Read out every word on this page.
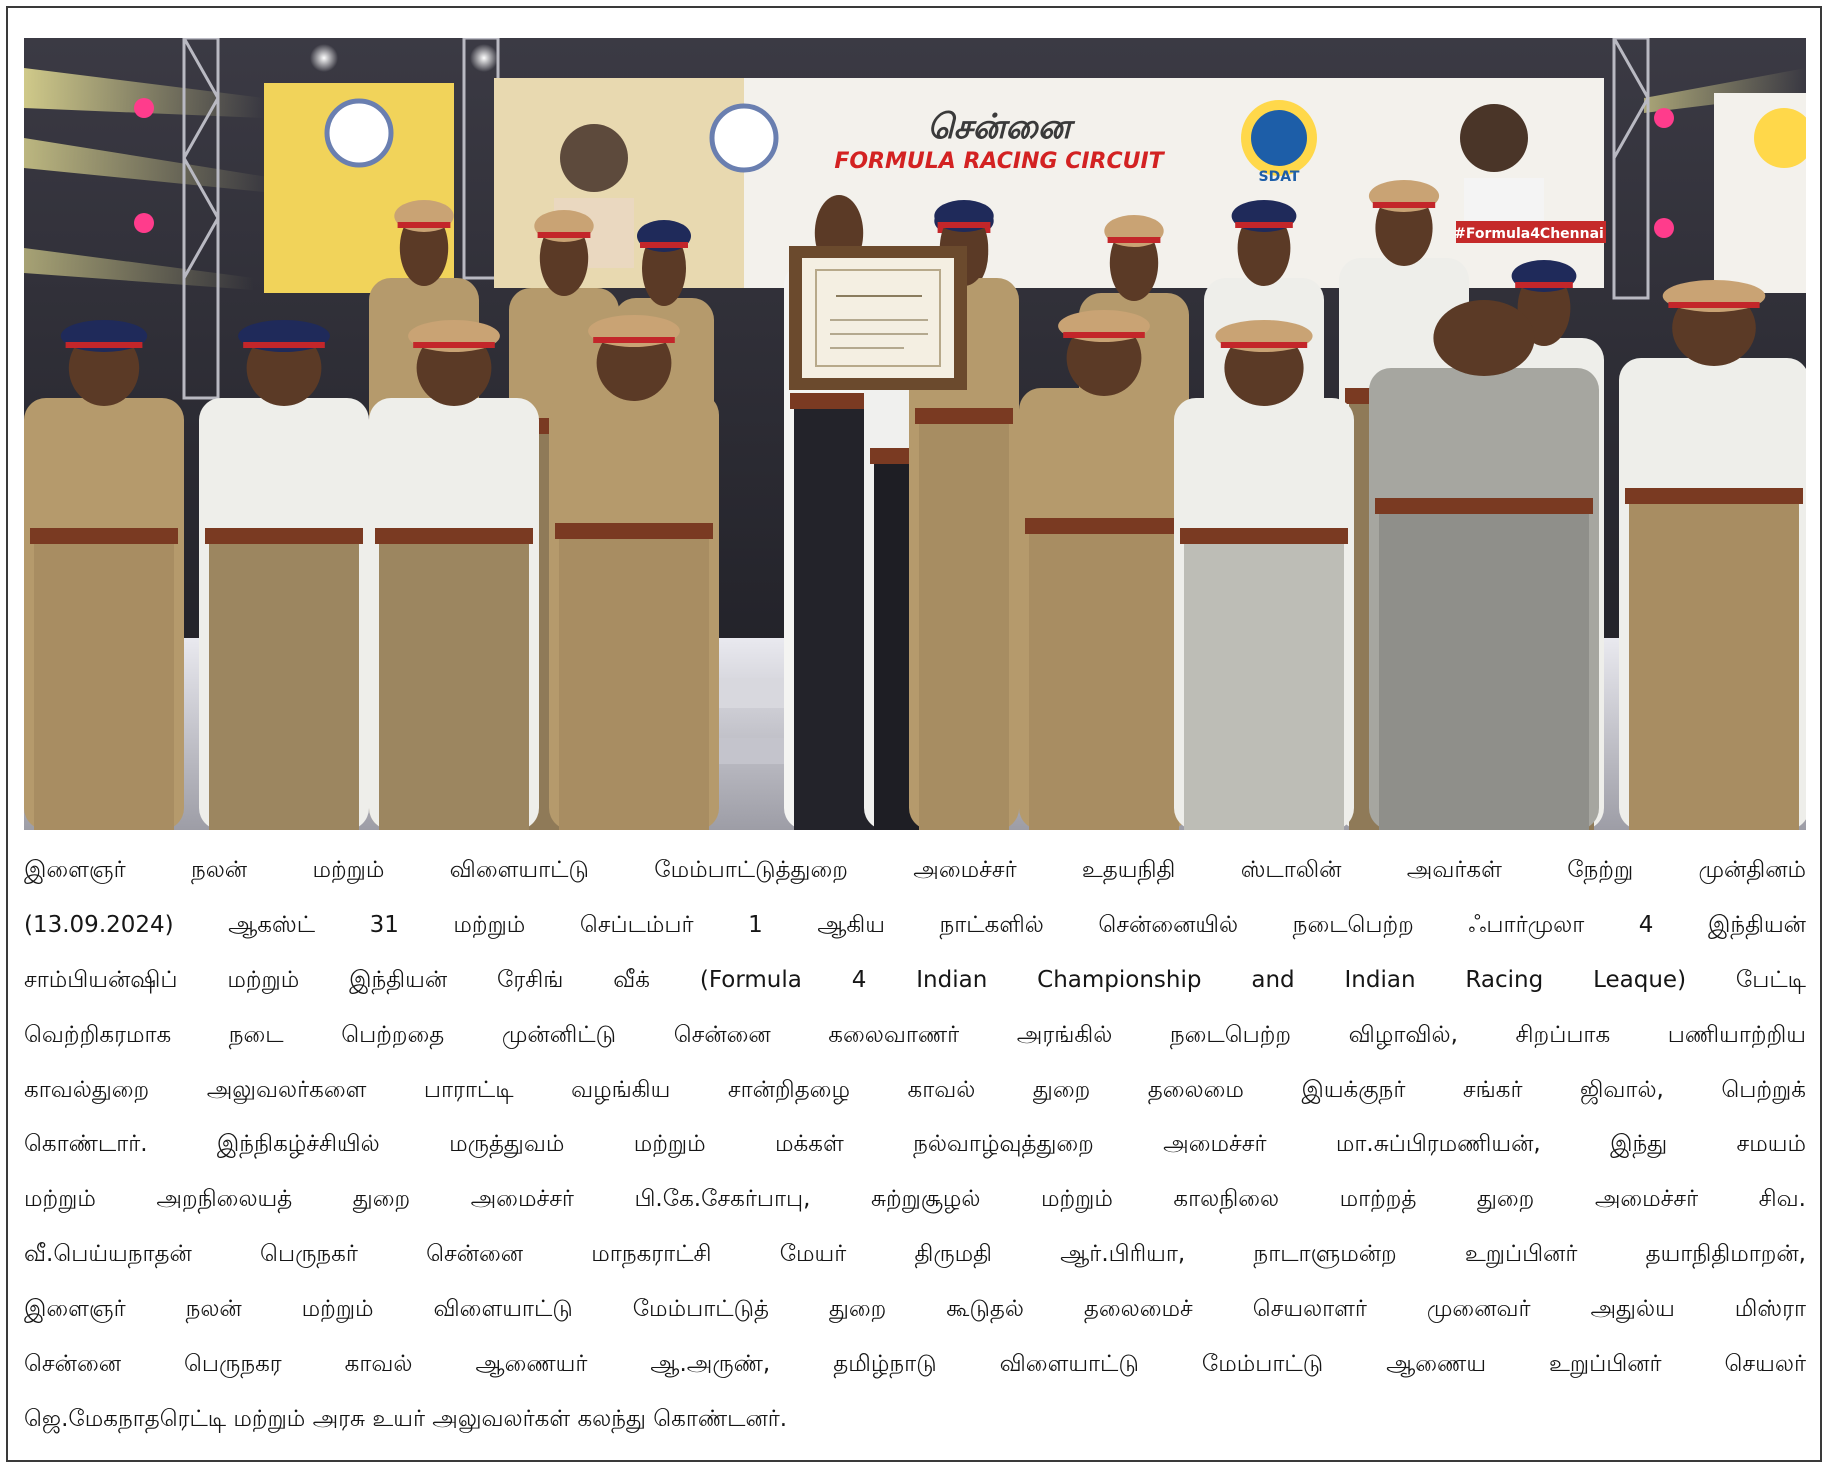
சென்னை
FORMULA RACING CIRCUIT
#Formula4Chennai
SDAT
இளைஞர் நலன் மற்றும் விளையாட்டு மேம்பாட்டுத்துறை அமைச்சர் உதயநிதி ஸ்டாலின் அவர்கள் நேற்று முன்தினம்
(13.09.2024) ஆகஸ்ட் 31 மற்றும் செப்டம்பர் 1 ஆகிய நாட்களில் சென்னையில் நடைபெற்ற ஃபார்முலா 4 இந்தியன்
சாம்பியன்ஷிப் மற்றும் இந்தியன் ரேசிங் வீக் (Formula 4 Indian Championship and Indian Racing Leaque) பேட்டி
வெற்றிகரமாக நடை பெற்றதை முன்னிட்டு சென்னை கலைவாணர் அரங்கில் நடைபெற்ற விழாவில், சிறப்பாக பணியாற்றிய
காவல்துறை அலுவலர்களை பாராட்டி வழங்கிய சான்றிதழை காவல் துறை தலைமை இயக்குநர் சங்கர் ஜிவால், பெற்றுக்
கொண்டார். இந்நிகழ்ச்சியில் மருத்துவம் மற்றும் மக்கள் நல்வாழ்வுத்துறை அமைச்சர் மா.சுப்பிரமணியன், இந்து சமயம்
மற்றும் அறநிலையத் துறை அமைச்சர் பி.கே.சேகர்பாபு, சுற்றுசூழல் மற்றும் காலநிலை மாற்றத் துறை அமைச்சர் சிவ.
வீ.பெய்யநாதன் பெருநகர் சென்னை மாநகராட்சி மேயர் திருமதி ஆர்.பிரியா, நாடாளுமன்ற உறுப்பினர் தயாநிதிமாறன்,
இளைஞர் நலன் மற்றும் விளையாட்டு மேம்பாட்டுத் துறை கூடுதல் தலைமைச் செயலாளர் முனைவர் அதுல்ய மிஸ்ரா
சென்னை பெருநகர காவல் ஆணையர் ஆ.அருண், தமிழ்நாடு விளையாட்டு மேம்பாட்டு ஆணைய உறுப்பினர் செயலர்
ஜெ.மேகநாதரெட்டி மற்றும் அரசு உயர் அலுவலர்கள் கலந்து கொண்டனர்.
